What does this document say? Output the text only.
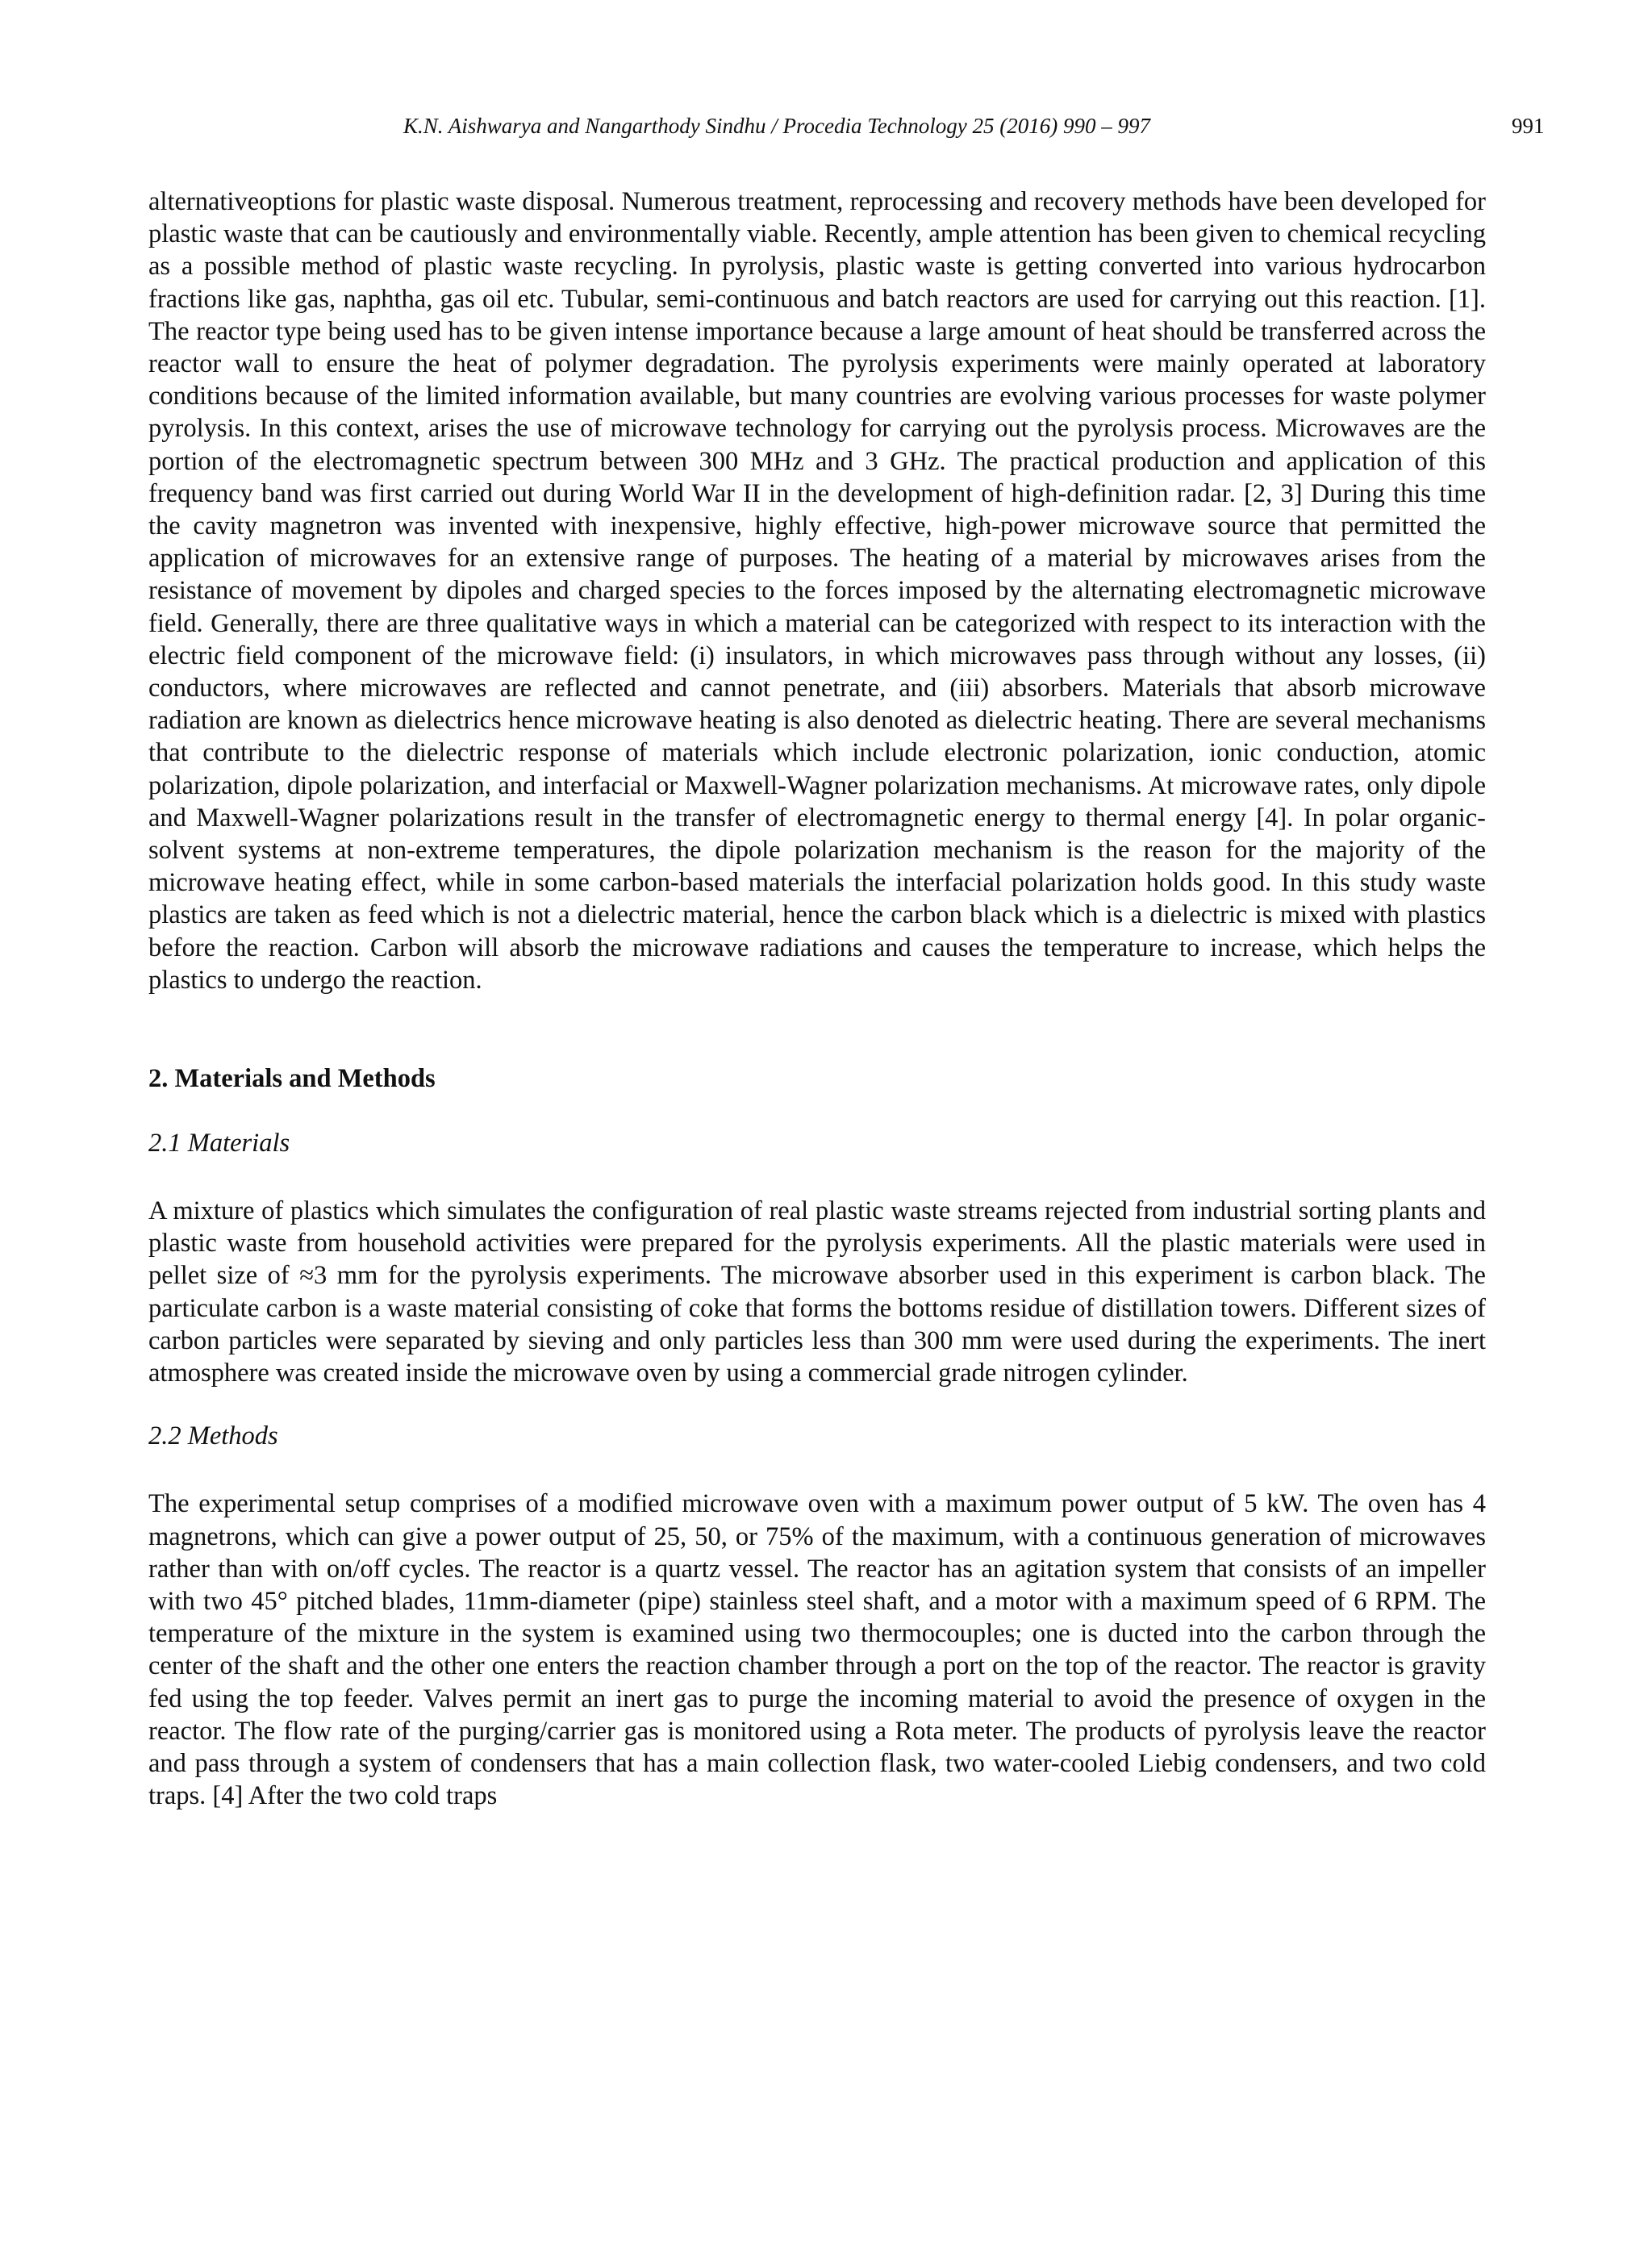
K.N. Aishwarya and Nangarthody Sindhu / Procedia Technology 25 (2016) 990 – 997	991

alternativeoptions for plastic waste disposal. Numerous treatment, reprocessing and recovery methods have been developed for plastic waste that can be cautiously and environmentally viable. Recently, ample attention has been given to chemical recycling as a possible method of plastic waste recycling. In pyrolysis, plastic waste is getting converted into various hydrocarbon fractions like gas, naphtha, gas oil etc. Tubular, semi-continuous and batch reactors are used for carrying out this reaction. [1]. The reactor type being used has to be given intense importance because a large amount of heat should be transferred across the reactor wall to ensure the heat of polymer degradation. The pyrolysis experiments were mainly operated at laboratory conditions because of the limited information available, but many countries are evolving various processes for waste polymer pyrolysis. In this context, arises the use of microwave technology for carrying out the pyrolysis process. Microwaves are the portion of the electromagnetic spectrum between 300 MHz and 3 GHz. The practical production and application of this frequency band was first carried out during World War II in the development of high-definition radar. [2, 3] During this time the cavity magnetron was invented with inexpensive, highly effective, high-power microwave source that permitted the application of microwaves for an extensive range of purposes. The heating of a material by microwaves arises from the resistance of movement by dipoles and charged species to the forces imposed by the alternating electromagnetic microwave field. Generally, there are three qualitative ways in which a material can be categorized with respect to its interaction with the electric field component of the microwave field: (i) insulators, in which microwaves pass through without any losses, (ii) conductors, where microwaves are reflected and cannot penetrate, and (iii) absorbers. Materials that absorb microwave radiation are known as dielectrics hence microwave heating is also denoted as dielectric heating. There are several mechanisms that contribute to the dielectric response of materials which include electronic polarization, ionic conduction, atomic polarization, dipole polarization, and interfacial or Maxwell-Wagner polarization mechanisms. At microwave rates, only dipole and Maxwell-Wagner polarizations result in the transfer of electromagnetic energy to thermal energy [4]. In polar organic-solvent systems at non-extreme temperatures, the dipole polarization mechanism is the reason for the majority of the microwave heating effect, while in some carbon-based materials the interfacial polarization holds good. In this study waste plastics are taken as feed which is not a dielectric material, hence the carbon black which is a dielectric is mixed with plastics before the reaction. Carbon will absorb the microwave radiations and causes the temperature to increase, which helps the plastics to undergo the reaction.

2. Materials and Methods
2.1 Materials

A mixture of plastics which simulates the configuration of real plastic waste streams rejected from industrial sorting plants and plastic waste from household activities were prepared for the pyrolysis experiments. All the plastic materials were used in pellet size of ≈3 mm for the pyrolysis experiments. The microwave absorber used in this experiment is carbon black. The particulate carbon is a waste material consisting of coke that forms the bottoms residue of distillation towers. Different sizes of carbon particles were separated by sieving and only particles less than 300 mm were used during the experiments. The inert atmosphere was created inside the microwave oven by using a commercial grade nitrogen cylinder.

2.2 Methods

The experimental setup comprises of a modified microwave oven with a maximum power output of 5 kW. The oven has 4 magnetrons, which can give a power output of 25, 50, or 75% of the maximum, with a continuous generation of microwaves rather than with on/off cycles. The reactor is a quartz vessel. The reactor has an agitation system that consists of an impeller with two 45° pitched blades, 11mm-diameter (pipe) stainless steel shaft, and a motor with a maximum speed of 6 RPM. The temperature of the mixture in the system is examined using two thermocouples; one is ducted into the carbon through the center of the shaft and the other one enters the reaction chamber through a port on the top of the reactor. The reactor is gravity fed using the top feeder. Valves permit an inert gas to purge the incoming material to avoid the presence of oxygen in the reactor. The flow rate of the purging/carrier gas is monitored using a Rota meter. The products of pyrolysis leave the reactor and pass through a system of condensers that has a main collection flask, two water-cooled Liebig condensers, and two cold traps. [4] After the two cold traps
